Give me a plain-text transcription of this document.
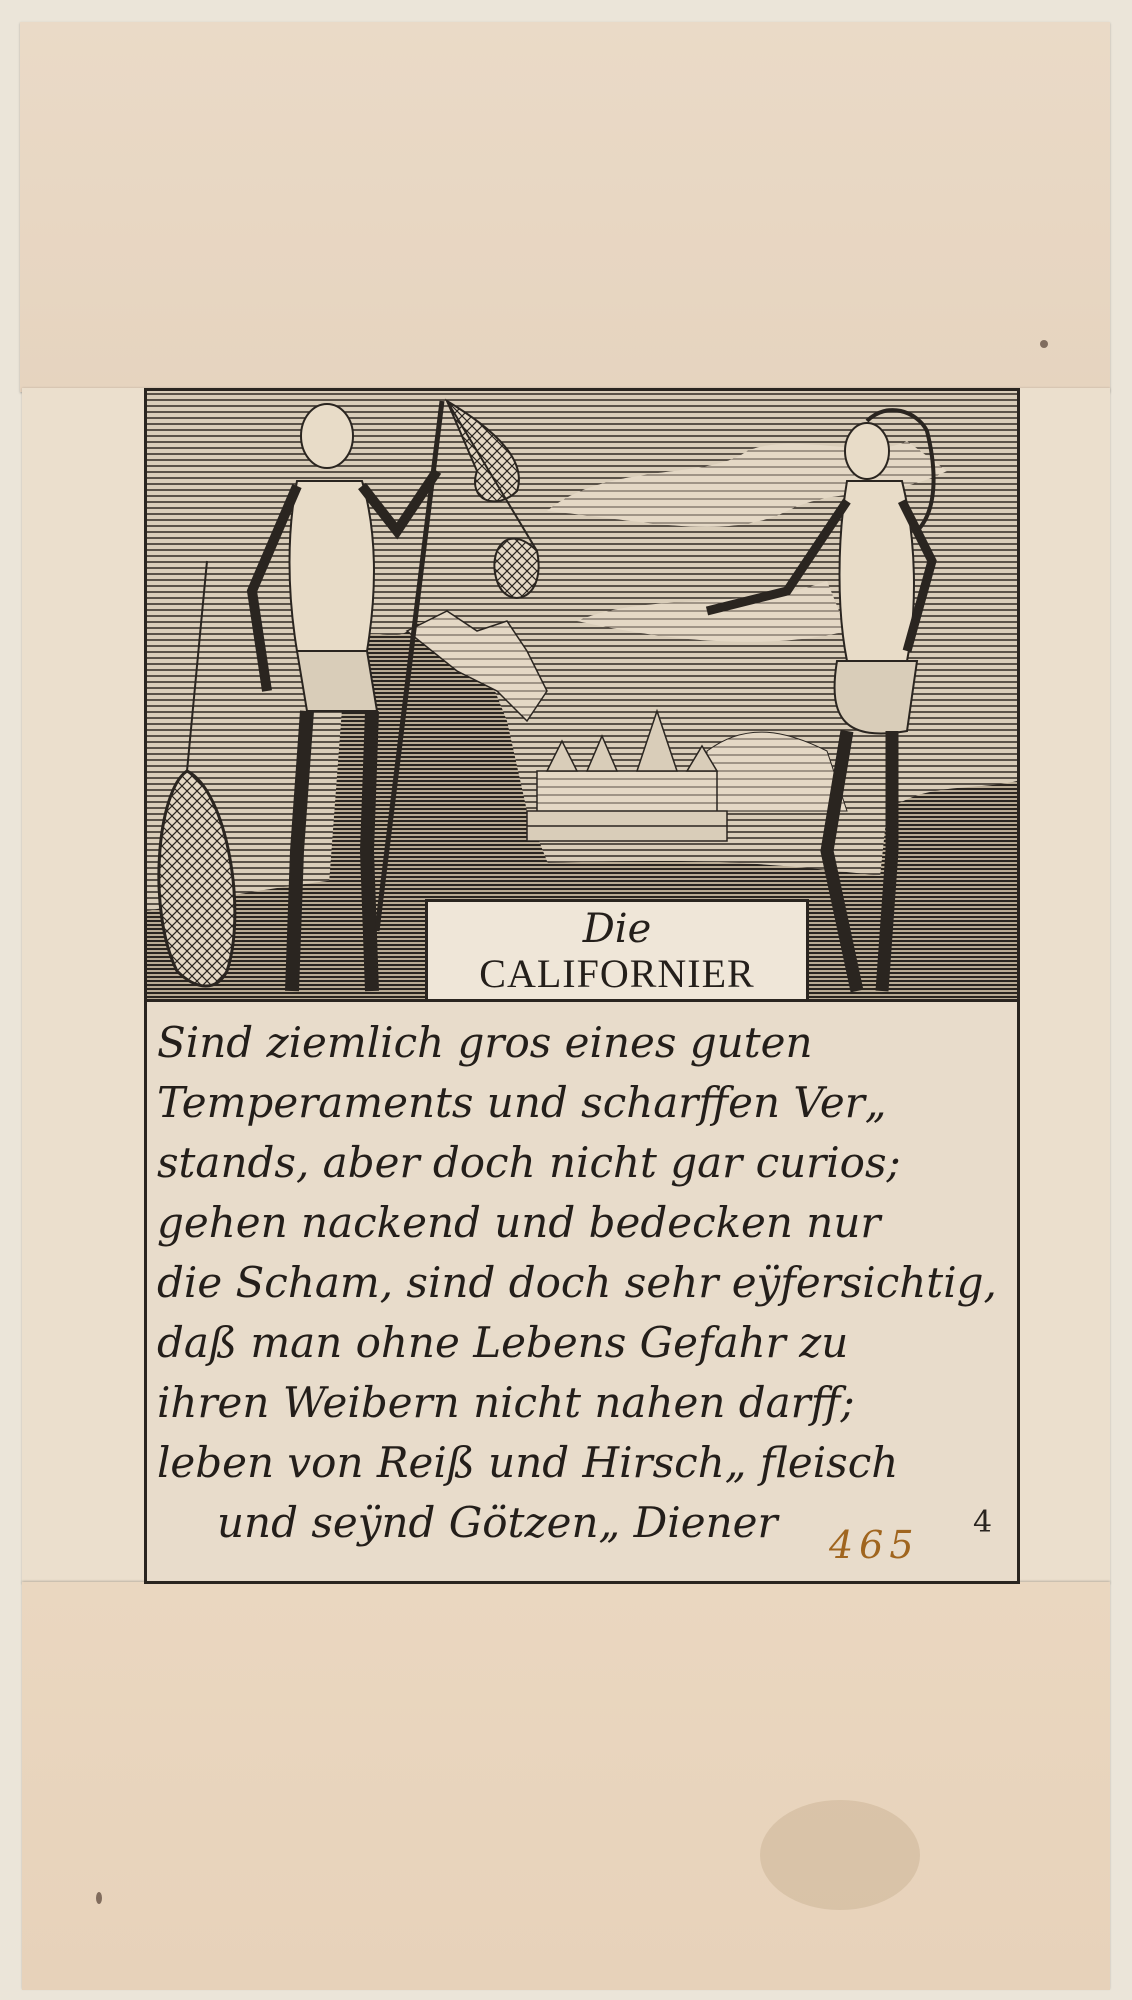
Die
CALIFORNIER
Sind ziemlich gros eines guten
Temperaments und scharffen Ver„
stands, aber doch nicht gar curios;
gehen nackend und bedecken nur
die Scham, sind doch sehr eÿfersichtig,
daß man ohne Lebens Gefahr zu
ihren Weibern nicht nahen darff;
leben von Reiß und Hirsch„ fleisch
und seÿnd Götzen„ Diener	465
4
